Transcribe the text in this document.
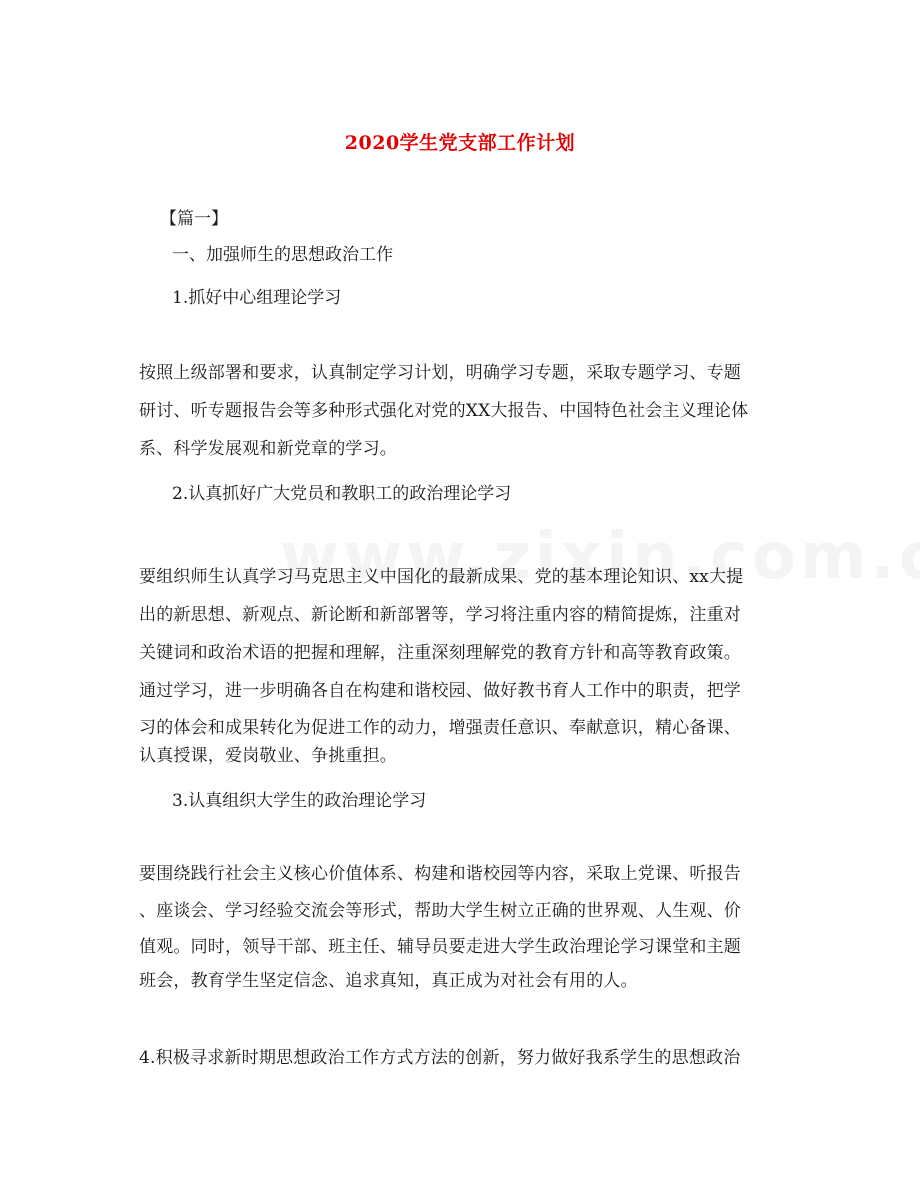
2020学生党支部工作计划
【篇一】
一、加强师生的思想政治工作
1.抓好中心组理论学习
按照上级部署和要求，认真制定学习计划，明确学习专题，采取专题学习、专题
研讨、听专题报告会等多种形式强化对党的XX大报告、中国特色社会主义理论体
系、科学发展观和新党章的学习。
2.认真抓好广大党员和教职工的政治理论学习
要组织师生认真学习马克思主义中国化的最新成果、党的基本理论知识、xx大提
出的新思想、新观点、新论断和新部署等，学习将注重内容的精简提炼，注重对
关键词和政治术语的把握和理解，注重深刻理解党的教育方针和高等教育政策。
通过学习，进一步明确各自在构建和谐校园、做好教书育人工作中的职责，把学
习的体会和成果转化为促进工作的动力，增强责任意识、奉献意识，精心备课、
认真授课，爱岗敬业、争挑重担。
3.认真组织大学生的政治理论学习
要围绕践行社会主义核心价值体系、构建和谐校园等内容，采取上党课、听报告
、座谈会、学习经验交流会等形式，帮助大学生树立正确的世界观、人生观、价
值观。同时，领导干部、班主任、辅导员要走进大学生政治理论学习课堂和主题
班会，教育学生坚定信念、追求真知，真正成为对社会有用的人。
4.积极寻求新时期思想政治工作方式方法的创新，努力做好我系学生的思想政治
